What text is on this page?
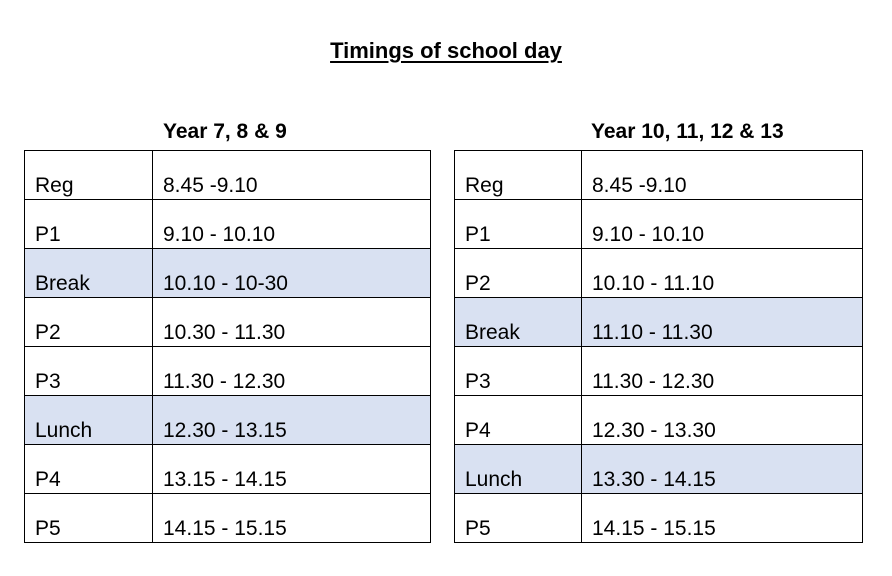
Timings of school day
Year 7, 8 & 9	Year 10, 11, 12 & 13
Reg	8.45 -9.10
P1	9.10 - 10.10
Break	10.10 - 10-30
P2	10.30 - 11.30
P3	11.30 - 12.30
Lunch	12.30 - 13.15
P4	13.15 - 14.15
P5	14.15 - 15.15
Reg	8.45 -9.10
P1	9.10 - 10.10
P2	10.10 - 11.10
Break	11.10 - 11.30
P3	11.30 - 12.30
P4	12.30 - 13.30
Lunch	13.30 - 14.15
P5	14.15 - 15.15
